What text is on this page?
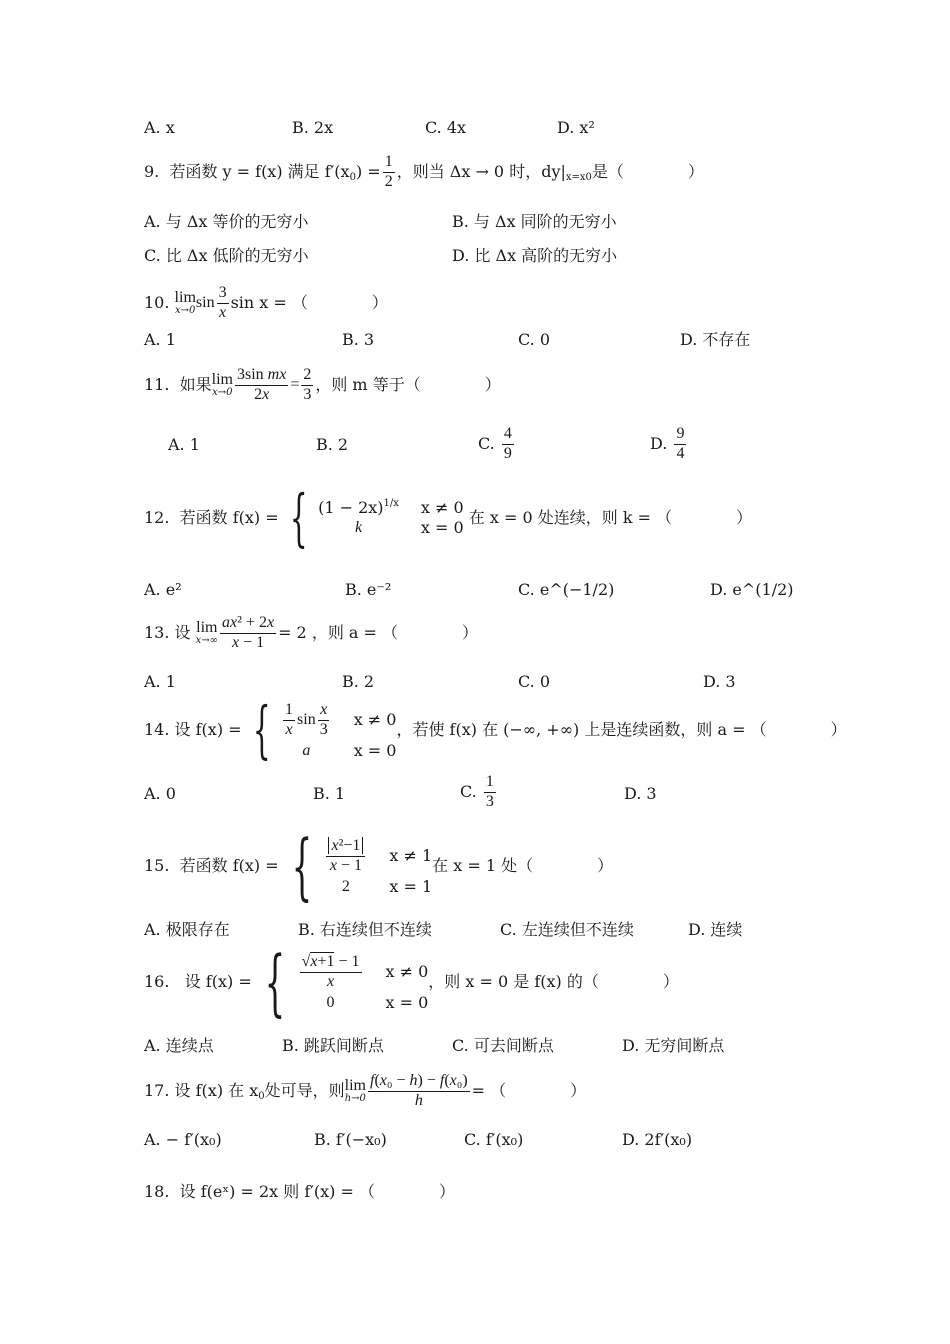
A. x	B. 2x	C. 4x	D. x²
9.
若函数 y = f(x) 满足 f′(x 0 ) = $\frac{1}{2}$ ，则当 Δx → 0 时，dy| x=x0 是（　　　　）
A. 与 Δx 等价的无穷小	B. 与 Δx 同阶的无穷小
C. 比 Δx 低阶的无穷小	D. 比 Δx 高阶的无穷小
10.
lim
x→0 $\sin \frac{3}{x}$ sin x = （　　　　）
A. 1	B. 3	C. 0	D. 不存在
11.
如果 lim
$x\to 0 \frac{\text{3sin mx}}{2x} = \frac{2}{3}$ ，则 m 等于（　　　　）
A. 1	B. 2	C.
$\frac{4}{9}$	D.
$\frac{9}{4}$
12.
若函数 f(x) = { $(1 - 2x)^{1/x}$ x ≠ 0
k	x = 0

在 x = 0 处连续，则 k = （　　　　）
A. e²	B. e⁻²	C. e^(−1/2)	D. e^(1/2)
13.
设
lim
$x\to\infty \frac{\text{ax² + 2x}}{x - 1} = 2$ ，则 a = （　　　　）
A. 1	B. 2	C. 0	D. 3
14.
设 f(x) = { $\frac{1}{x}$ $\sin \frac{x}{3}$ x ≠ 0
a	x = 0
，若使 f(x) 在 (−∞, +∞) 上是连续函数，则 a = （　　　　）
A. 0	B. 1	C.
$\frac{1}{3}$	D. 3
15.
若函数 f(x) = { $\frac{\text{x²−1}}{x - 1}$ x ≠ 1
2	x = 1
在 x = 1 处（　　　　）
A. 极限存在	B. 右连续但不连续	C. 左连续但不连续	D. 连续
16.
设 f(x) = { $\frac{√x+1 - 1}{x}$ x ≠ 0
0	x = 0
，则 x = 0 是 f(x) 的（　　　　）
A. 连续点	B. 跳跃间断点	C. 可去间断点	D. 无穷间断点
17.
设 f(x) 在 x 0 处可导，则 lim
$h\to 0 \frac{\text{f(x₀ − h) − f(x₀)}}{h}$ = （　　　　）
A. − f′(x₀)	B. f′(−x₀)	C. f′(x₀)	D. 2f′(x₀)
18. 设 f(eˣ) = 2x 则 f′(x) = （　　　　）
